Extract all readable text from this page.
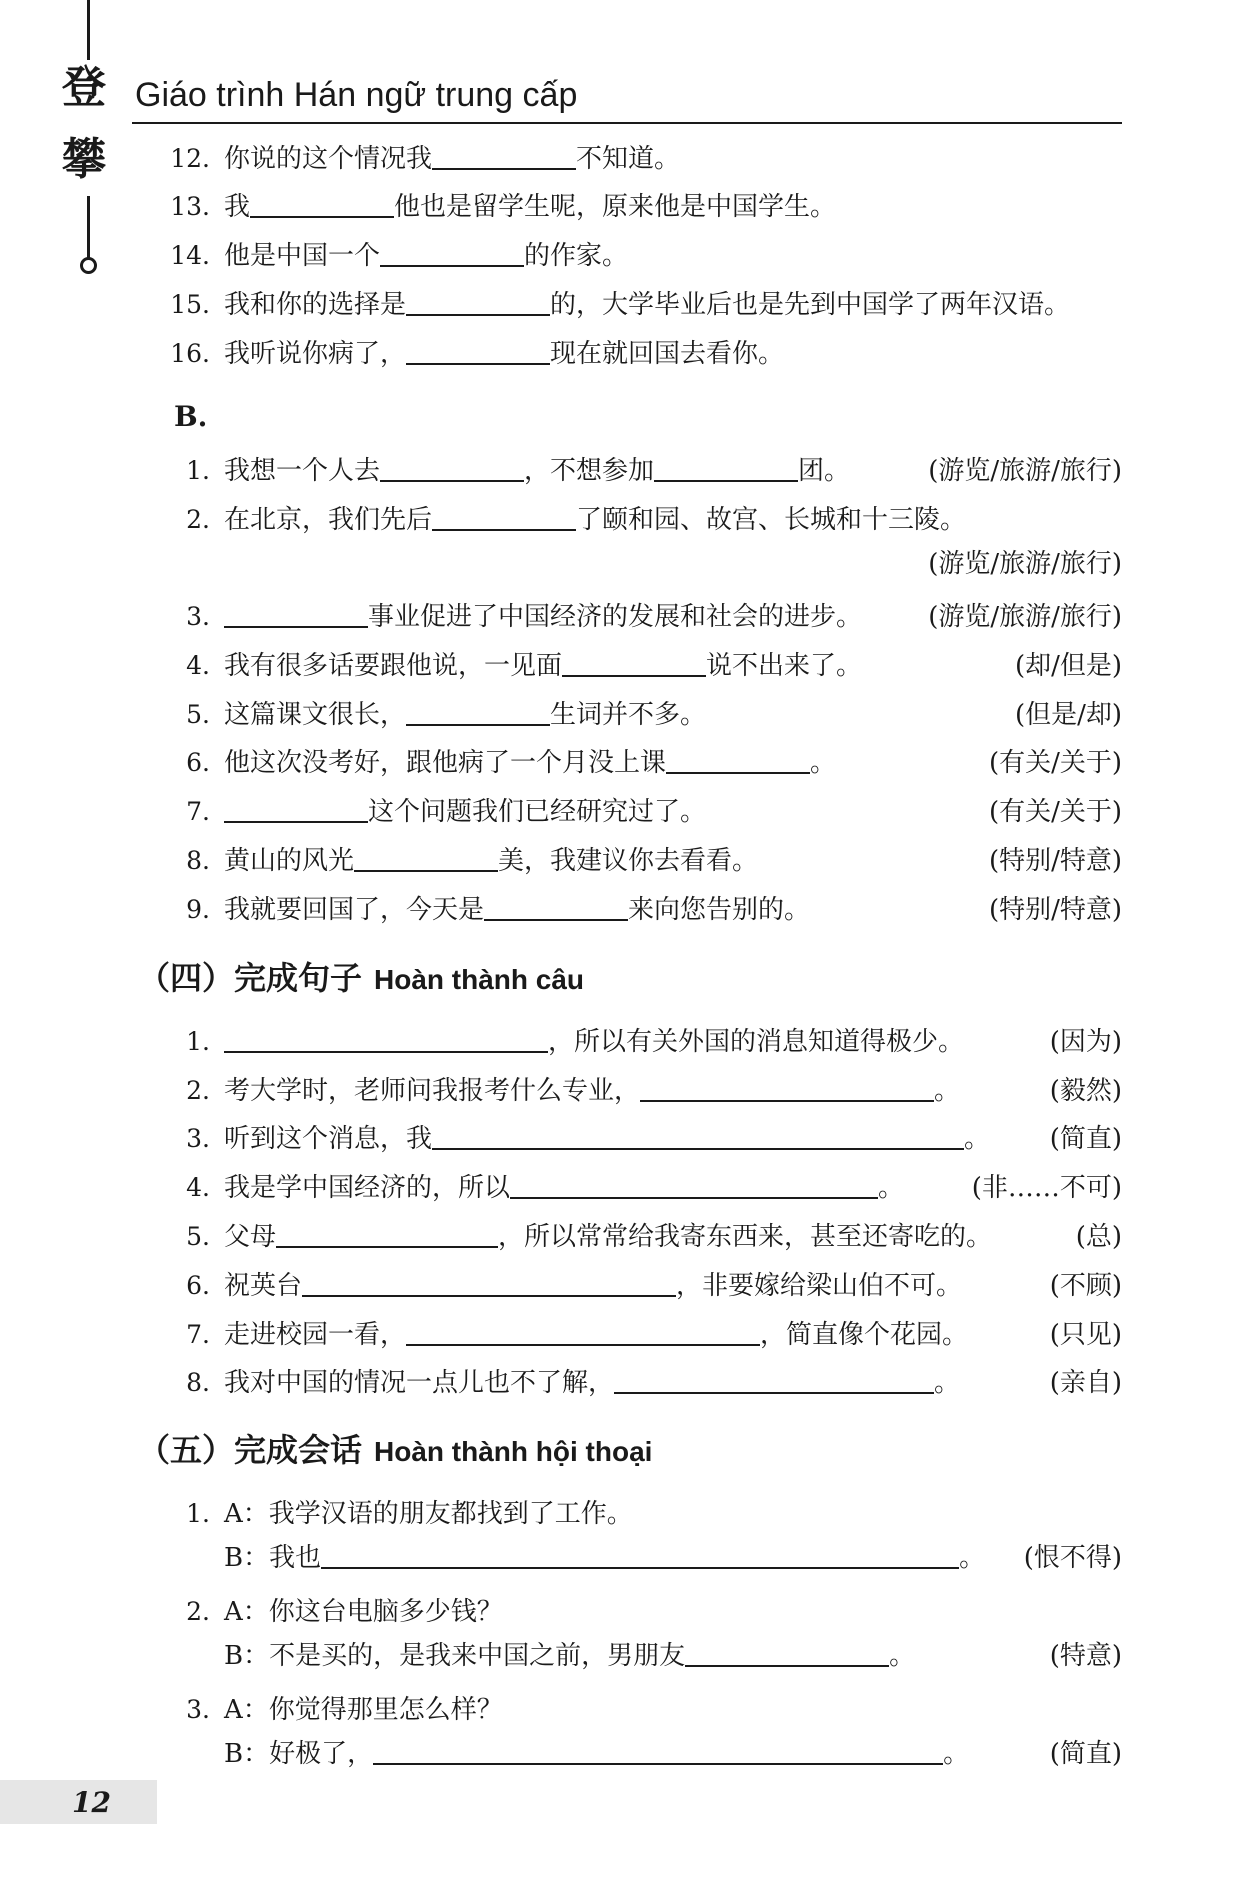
登
攀
Giáo trình Hán ngữ trung cấp
12. 你说的这个情况我	不知道。
13. 我	他也是留学生呢，原来他是中国学生。
14. 他是中国一个	的作家。
15. 我和你的选择是	的，大学毕业后也是先到中国学了两年汉语。
16. 我听说你病了，	现在就回国去看你。
B.
1. 我想一个人去	，不想参加	团。	(游览/旅游/旅行)
2. 在北京，我们先后	了颐和园、故宫、长城和十三陵。
(游览/旅游/旅行)
3.	事业促进了中国经济的发展和社会的进步。	(游览/旅游/旅行)
4. 我有很多话要跟他说，一见面	说不出来了。	(却/但是)
5. 这篇课文很长，	生词并不多。	(但是/却)
6. 他这次没考好，跟他病了一个月没上课	。	(有关/关于)
7.	这个问题我们已经研究过了。	(有关/关于)
8. 黄山的风光	美，我建议你去看看。	(特别/特意)
9. 我就要回国了，今天是	来向您告别的。	(特别/特意)
（四）完成句子 Hoàn thành câu
1.	，所以有关外国的消息知道得极少。	(因为)
2. 考大学时，老师问我报考什么专业，	。	(毅然)
3. 听到这个消息，我	。 (简直)
4. 我是学中国经济的，所以	。	(非……不可)
5. 父母	，所以常常给我寄东西来，甚至还寄吃的。	(总)
6. 祝英台	，非要嫁给梁山伯不可。	(不顾)
7. 走进校园一看，	，简直像个花园。	(只见)
8. 我对中国的情况一点儿也不了解，	。	(亲自)
（五）完成会话 Hoàn thành hội thoại
1. A：我学汉语的朋友都找到了工作。
B：我也	。 (恨不得)
2. A：你这台电脑多少钱？
B：不是买的，是我来中国之前，男朋友	。	(特意)
3. A：你觉得那里怎么样？
B：好极了，	。	(简直)
12
